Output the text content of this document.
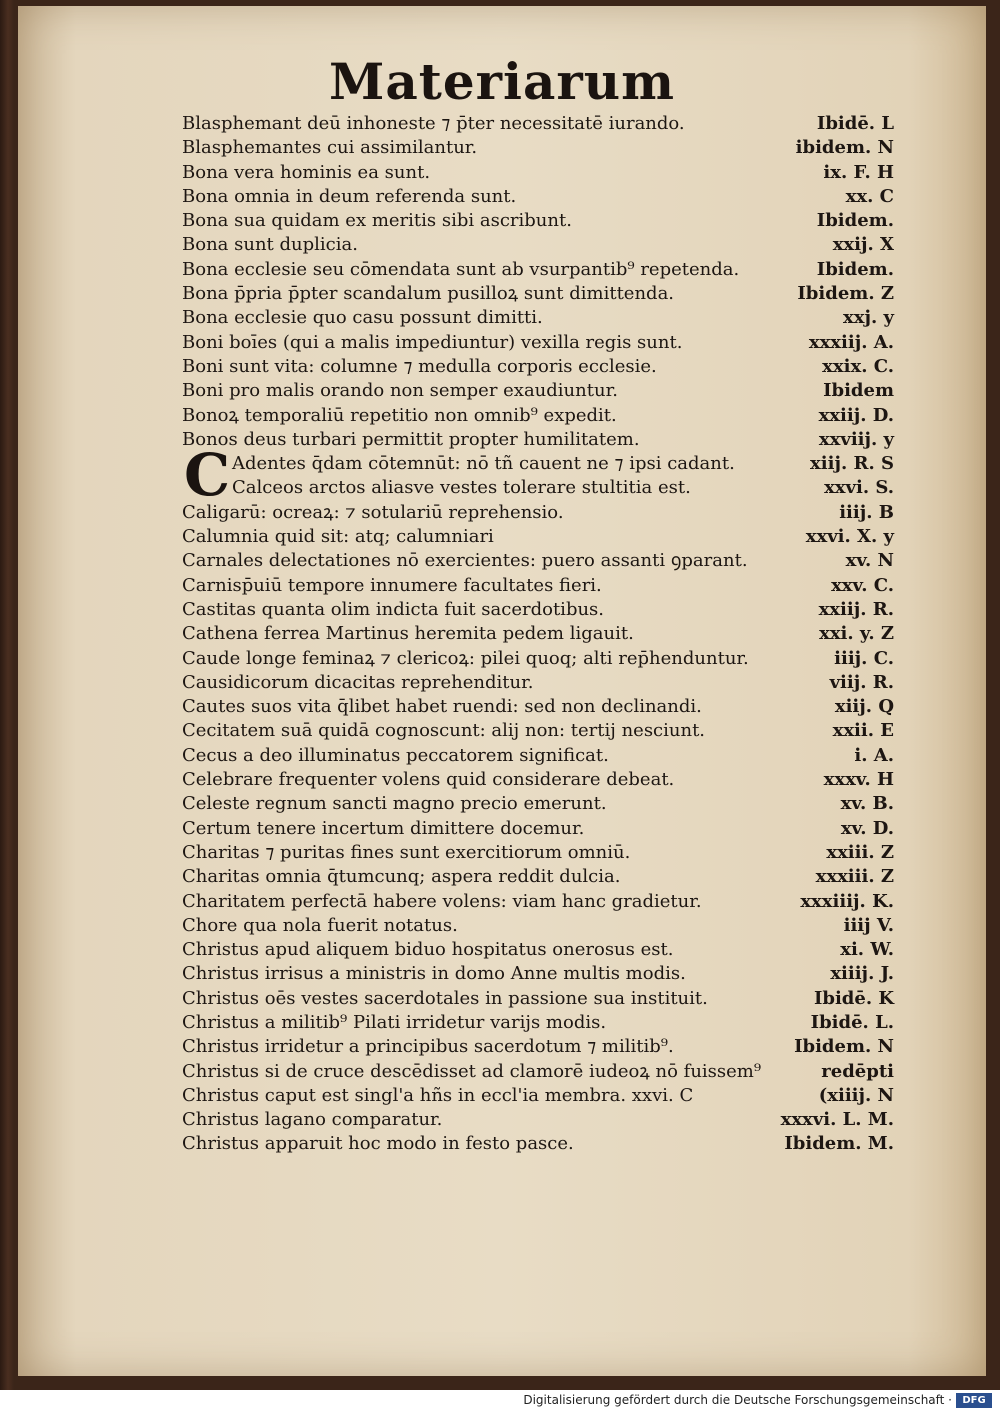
Materiarum
C
Blasphemant deū inhoneste ⁊ p̄ter necessitatē iurando.	Ibidē. L
Blasphemantes cui assimilantur.	ibidem. N
Bona vera hominis ea sunt.	ix. F. H
Bona omnia in deum referenda sunt.	xx. C
Bona sua quidam ex meritis sibi ascribunt.	Ibidem.
Bona sunt duplicia.	xxij. X
Bona ecclesie seu cōmendata sunt ab vsurpantib⁹ repetenda.	Ibidem.
Bona p̄pria p̄pter scandalum pusilloꝝ sunt dimittenda.	Ibidem. Z
Bona ecclesie quo casu possunt dimitti.	xxj. y
Boni boīes (qui a malis impediuntur) vexilla regis sunt.	xxxiij. A.
Boni sunt vita: columne ⁊ medulla corporis ecclesie.	xxix. C.
Boni pro malis orando non semper exaudiuntur.	Ibidem
Bonoꝝ temporaliū repetitio non omnib⁹ expedit.	xxiij. D.
Bonos deus turbari permittit propter humilitatem.	xxviij. y
Adentes q̄dam cōtemnūt: nō tñ cauent ne ⁊ ipsi cadant.	xiij. R. S
Calceos arctos aliasve vestes tolerare stultitia est.	xxvi. S.
Caligarū: ocreaꝝ: ⁊ sotulariū reprehensio.	iiij. B
Calumnia quid sit: atq; calumniari	xxvi. X. y
Carnales delectationes nō exercientes: puero assanti ꝯparant.	xv. N
Carnisp̄uiū tempore innumere facultates fieri.	xxv. C.
Castitas quanta olim indicta fuit sacerdotibus.	xxiij. R.
Cathena ferrea Martinus heremita pedem ligauit.	xxi. y. Z
Caude longe feminaꝝ ⁊ clericoꝝ: pilei quoq; alti rep̄henduntur.	iiij. C.
Causidicorum dicacitas reprehenditur.	viij. R.
Cautes suos vita q̄libet habet ruendi: sed non declinandi.	xiij. Q
Cecitatem suā quidā cognoscunt: alij non: tertij nesciunt.	xxii. E
Cecus a deo illuminatus peccatorem significat.	i. A.
Celebrare frequenter volens quid considerare debeat.	xxxv. H
Celeste regnum sancti magno precio emerunt.	xv. B.
Certum tenere incertum dimittere docemur.	xv. D.
Charitas ⁊ puritas fines sunt exercitiorum omniū.	xxiii. Z
Charitas omnia q̄tumcunq; aspera reddit dulcia.	xxxiii. Z
Charitatem perfectā habere volens: viam hanc gradietur.	xxxiiij. K.
Chore qua nola fuerit notatus.	iiij V.
Christus apud aliquem biduo hospitatus onerosus est.	xi. W.
Christus irrisus a ministris in domo Anne multis modis.	xiiij. J.
Christus oēs vestes sacerdotales in passione sua instituit.	Ibidē. K
Christus a militib⁹ Pilati irridetur varijs modis.	Ibidē. L.
Christus irridetur a principibus sacerdotum ⁊ militib⁹.	Ibidem. N
Christus si de cruce descēdisset ad clamorē iudeoꝝ nō fuissem⁹	redēpti
Christus caput est singl'a hñs in eccl'ia membra. xxvi. C	(xiiij. N
Christus lagano comparatur.	xxxvi. L. M.
Christus apparuit hoc modo in festo pasce.	Ibidem. M.
Digitalisierung gefördert durch die Deutsche Forschungsgemeinschaft ·	DFG
